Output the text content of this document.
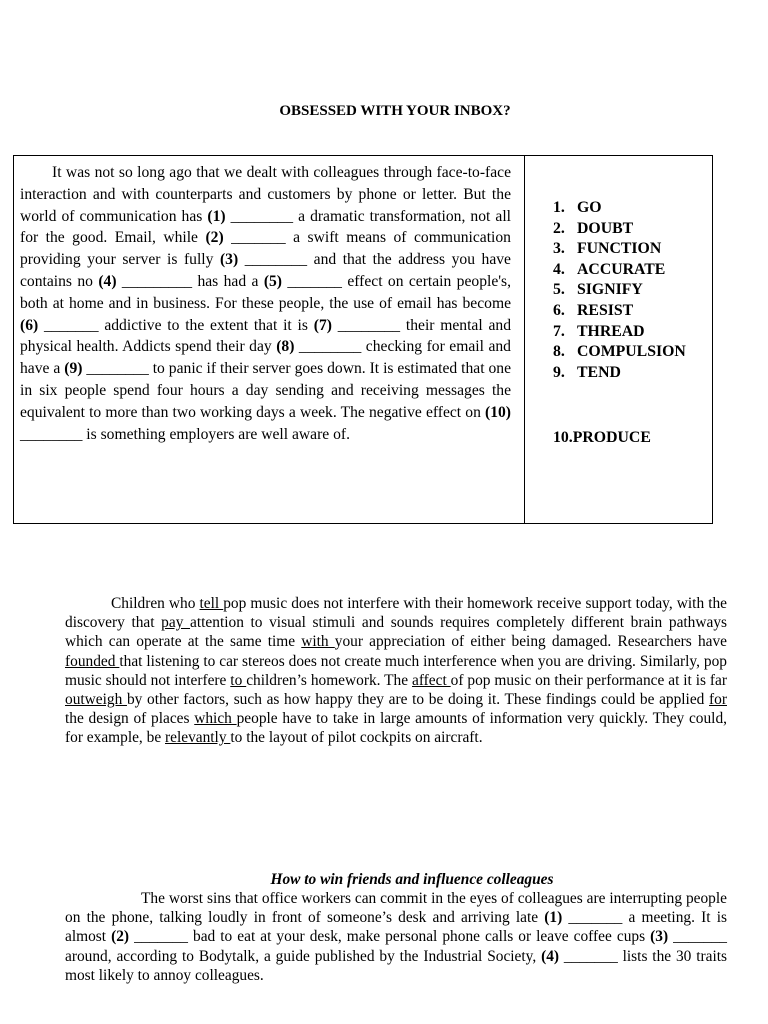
OBSESSED WITH YOUR INBOX?

It was not so long ago that we dealt with colleagues through face-to-face interaction and with counterparts and customers by phone or letter. But the world of communication has (1) ________ a dramatic transformation, not all for the good. Email, while (2) _______ a swift means of communication providing your server is fully (3) ________ and that the address you have contains no (4) _________ has had a (5) _______ effect on certain people's, both at home and in business. For these people, the use of email has become (6) _______ addictive to the extent that it is (7) ________ their mental and physical health. Addicts spend their day (8) ________ checking for email and have a (9) ________ to panic if their server goes down. It is estimated that one in six people spend four hours a day sending and receiving messages the equivalent to more than two working days a week. The negative effect on (10) ________ is something employers are well aware of.

1. GO
2. DOUBT
3. FUNCTION
4. ACCURATE
5. SIGNIFY
6. RESIST
7. THREAD
8. COMPULSION
9. TEND
10.PRODUCE

Children who tell pop music does not interfere with their homework receive support today, with the discovery that pay attention to visual stimuli and sounds requires completely different brain pathways which can operate at the same time with your appreciation of either being damaged. Researchers have founded that listening to car stereos does not create much interference when you are driving. Similarly, pop music should not interfere to children’s homework. The affect of pop music on their performance at it is far outweigh by other factors, such as how happy they are to be doing it. These findings could be applied for the design of places which people have to take in large amounts of information very quickly. They could, for example, be relevantly to the layout of pilot cockpits on aircraft.

How to win friends and influence colleagues

The worst sins that office workers can commit in the eyes of colleagues are interrupting people on the phone, talking loudly in front of someone’s desk and arriving late (1) _______ a meeting. It is almost (2) _______ bad to eat at your desk, make personal phone calls or leave coffee cups (3) _______ around, according to Bodytalk, a guide published by the Industrial Society, (4) _______ lists the 30 traits most likely to annoy colleagues.
